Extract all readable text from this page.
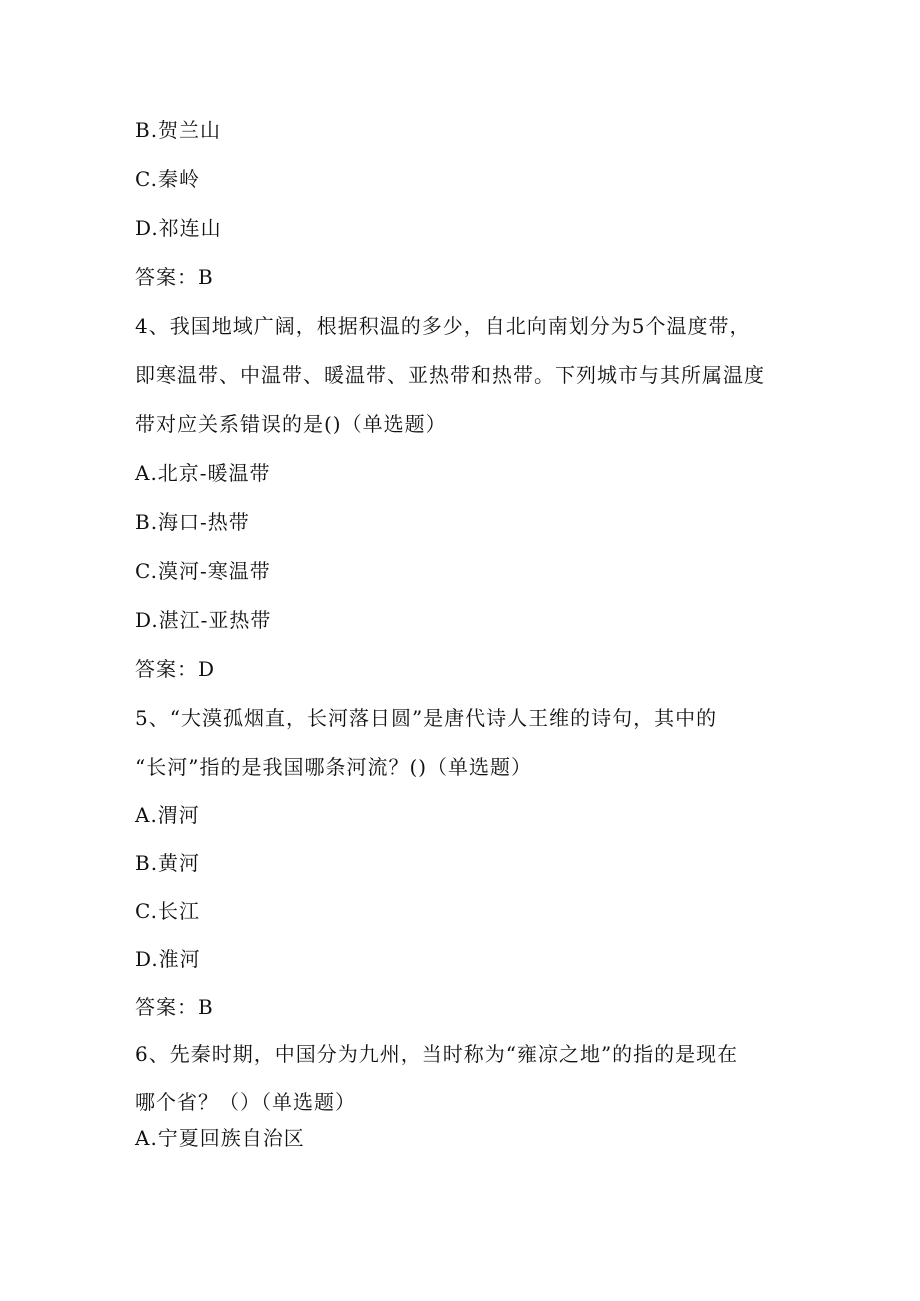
B.贺兰山
C.秦岭
D.祁连山
答案：B
4、我国地域广阔，根据积温的多少，自北向南划分为5个温度带，
即寒温带、中温带、暖温带、亚热带和热带。下列城市与其所属温度
带对应关系错误的是()（单选题）
A.北京-暖温带
B.海口-热带
C.漠河-寒温带
D.湛江-亚热带
答案：D
5、“大漠孤烟直，长河落日圆”是唐代诗人王维的诗句，其中的
“长河”指的是我国哪条河流？()（单选题）
A.渭河
B.黄河
C.长江
D.淮河
答案：B
6、先秦时期，中国分为九州，当时称为“雍凉之地”的指的是现在
哪个省？（）（单选题）
A.宁夏回族自治区
